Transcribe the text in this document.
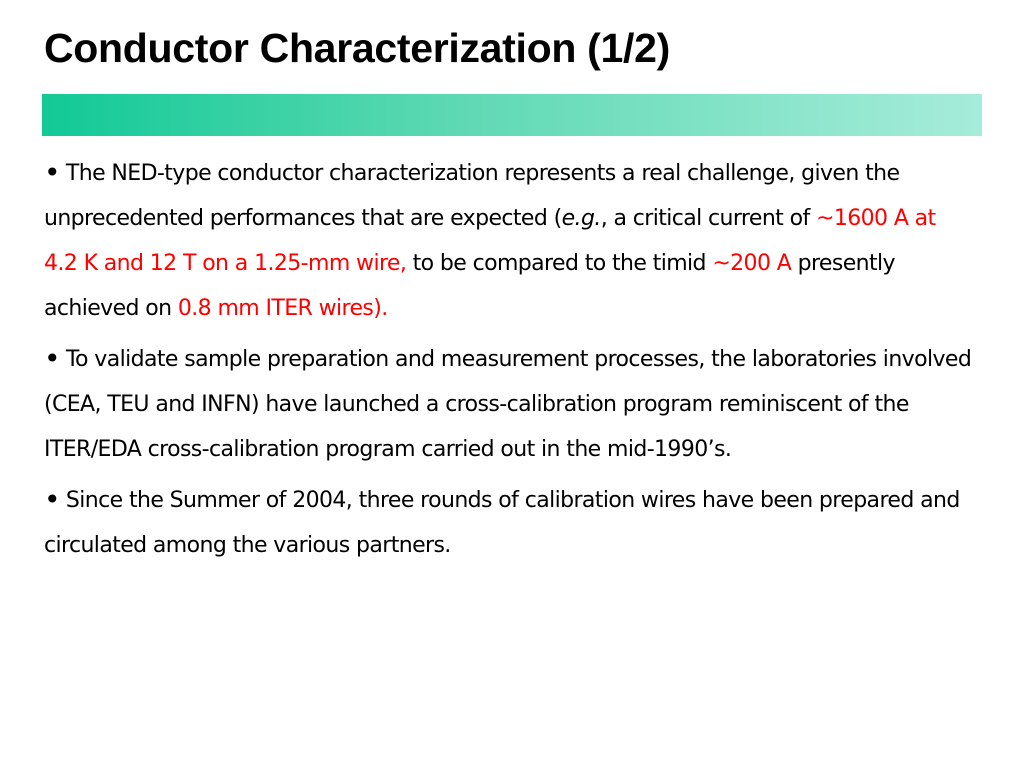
Conductor Characterization (1/2)
• The NED-type conductor characterization represents a real challenge, given the unprecedented performances that are expected (e.g., a critical current of ~1600 A at 4.2 K and 12 T on a 1.25-mm wire, to be compared to the timid ~200 A presently achieved on 0.8 mm ITER wires).
• To validate sample preparation and measurement processes, the laboratories involved (CEA, TEU and INFN) have launched a cross-calibration program reminiscent of the ITER/EDA cross-calibration program carried out in the mid-1990’s.
• Since the Summer of 2004, three rounds of calibration wires have been prepared and circulated among the various partners.
